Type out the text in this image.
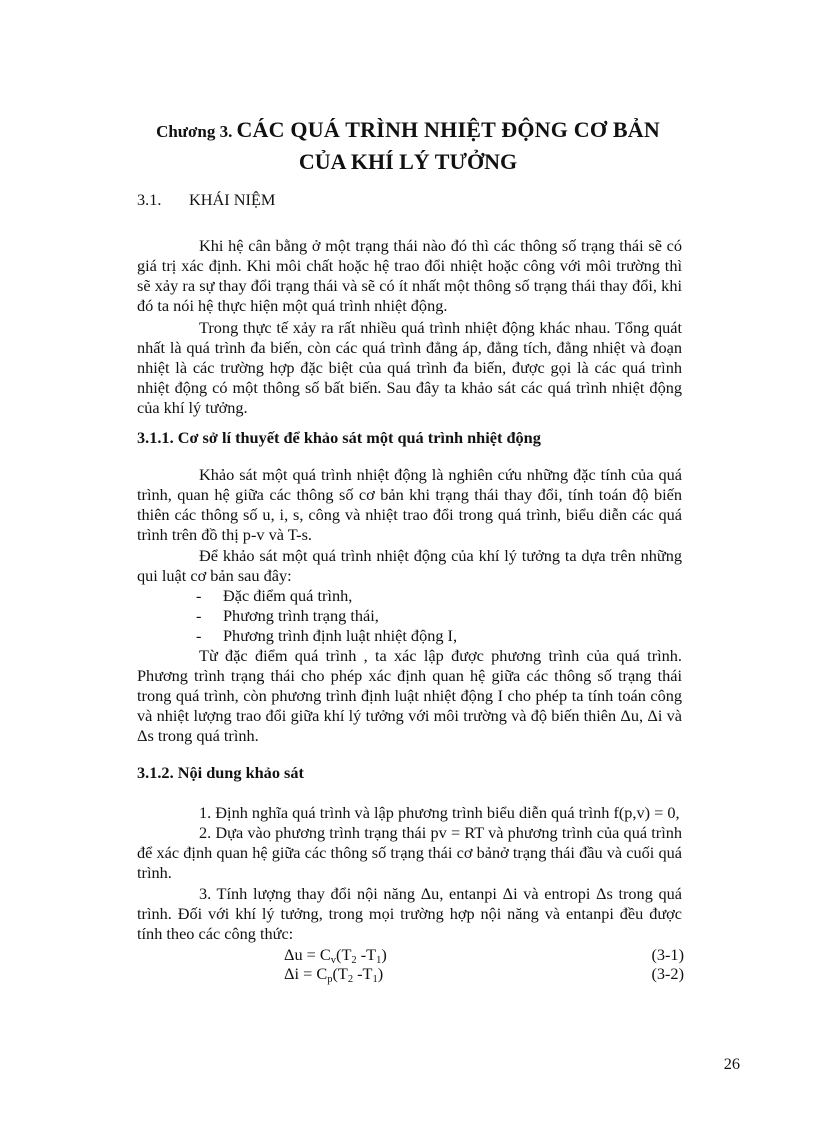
Chương 3. CÁC QUÁ TRÌNH NHIỆT ĐỘNG CƠ BẢN
CỦA KHÍ LÝ TƯỞNG
3.1. KHÁI NIỆM

Khi hệ cân bằng ở một trạng thái nào đó thì các thông số trạng thái sẽ có giá trị xác định. Khi môi chất hoặc hệ trao đổi nhiệt hoặc công với môi trường thì sẽ xảy ra sự thay đổi trạng thái và sẽ có ít nhất một thông số trạng thái thay đổi, khi đó ta nói hệ thực hiện một quá trình nhiệt động.

Trong thực tế xảy ra rất nhiều quá trình nhiệt động khác nhau. Tổng quát nhất là quá trình đa biến, còn các quá trình đẳng áp, đẳng tích, đẳng nhiệt và đoạn nhiệt là các trường hợp đặc biệt của quá trình đa biến, được gọi là các quá trình nhiệt động có một thông số bất biến. Sau đây ta khảo sát các quá trình nhiệt động của khí lý tưởng.

3.1.1. Cơ sở lí thuyết để khảo sát một quá trình nhiệt động

Khảo sát một quá trình nhiệt động là nghiên cứu những đặc tính của quá trình, quan hệ giữa các thông số cơ bản khi trạng thái thay đổi, tính toán độ biến thiên các thông số u, i, s, công và nhiệt trao đổi trong quá trình, biểu diễn các quá trình trên đồ thị p-v và T-s.

Để khảo sát một quá trình nhiệt động của khí lý tưởng ta dựa trên những qui luật cơ bản sau đây:

- Đặc điểm quá trình,
- Phương trình trạng thái,
- Phương trình định luật nhiệt động I,

Từ đặc điểm quá trình , ta xác lập được phương trình của quá trình. Phương trình trạng thái cho phép xác định quan hệ giữa các thông số trạng thái trong quá trình, còn phương trình định luật nhiệt động I cho phép ta tính toán công và nhiệt lượng trao đổi giữa khí lý tưởng với môi trường và độ biến thiên Δu, Δi và Δs trong quá trình.

3.1.2. Nội dung khảo sát

1. Định nghĩa quá trình và lập phương trình biểu diễn quá trình f(p,v) = 0,

2. Dựa vào phương trình trạng thái pv = RT và phương trình của quá trình để xác định quan hệ giữa các thông số trạng thái cơ bảnở trạng thái đầu và cuối quá trình.

3. Tính lượng thay đổi nội năng Δu, entanpi Δi và entropi Δs trong quá trình. Đối với khí lý tưởng, trong mọi trường hợp nội năng và entanpi đều được tính theo các công thức:

$\Delta u = C_v(T_2$ $-T_1$)	(3-1)
$\Delta i = C_p(T_2$ $-T_1$)	(3-2)
26
